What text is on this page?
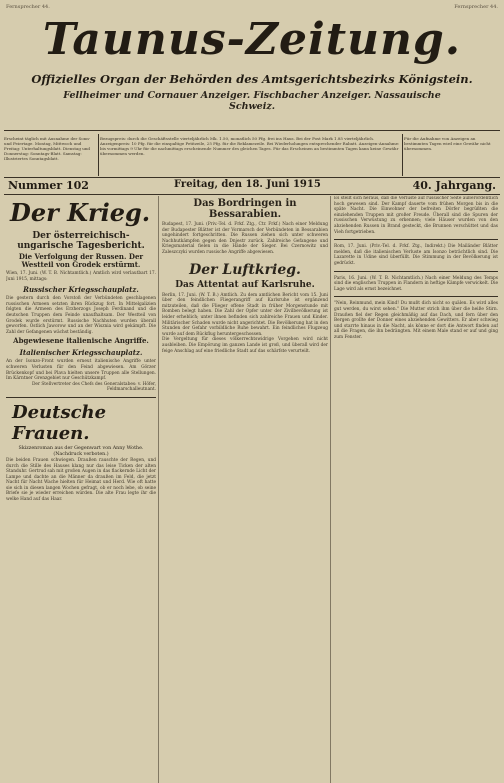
Fernsprecher 44.	Fernsprecher 44.
Taunus-Zeitung.
Offizielles Organ der Behörden des Amtsgerichtsbezirks Königstein.
Fellheimer und Cornauer Anzeiger. Fischbacher Anzeiger. Nassauische Schweiz.
Erscheint täglich mit Ausnahme der Sonn- und Feiertage. Montag, Mittwoch und Freitag: Unterhaltungsblatt. Dienstag und Donnerstag: Sonntags-Blatt. Samstag: Illustriertes Sonntagsblatt.
Bezugspreis: durch die Geschäftsstelle vierteljährlich Mk. 1.50, monatlich 50 Pfg. frei ins Haus. Bei der Post Mark 1.85 vierteljährlich. Anzeigenpreis: 10 Pfg. für die einspaltige Petitzeile, 25 Pfg. für die Reklamezeile. Bei Wiederholungen entsprechender Rabatt. Anzeigen-Annahme: bis vormittags 9 Uhr für die nachmittags erscheinende Nummer des gleichen Tages. Für das Erscheinen an bestimmten Tagen kann keine Gewähr übernommen werden.
Für die Aufnahme von Anzeigen an bestimmten Tagen wird eine Gewähr nicht übernommen.
Nummer 102	Freitag, den 18. Juni 1915	40. Jahrgang.
Der Krieg.
Der österreichisch-ungarische Tagesbericht.
Die Verfolgung der Russen. Der Westteil von Grodek erstürmt.

Wien, 17. Juni. (W. T. B. Nichtamtlich.) Amtlich wird verlautbart 17. Juni 1915, mittags:

Russischer Kriegsschauplatz.

Die gestern durch den Vorstoß der Verbündeten geschlagenen russischen Armeen setzten ihren Rückzug fort. In Mittelgalizien folgten die Armeen des Erzherzogs Joseph Ferdinand und die deutschen Truppen dem Feinde unaufhaltsam. Der Westteil von Grodek wurde erstürmt. Russische Nachhuten wurden überall geworfen. Östlich Jaworow und an der Wisznia wird gekämpft. Die Zahl der Gefangenen wächst beständig.

Abgewiesene italienische Angriffe.
Italienischer Kriegsschauplatz.

An der Isonzo-Front wurden erneut italienische Angriffe unter schweren Verlusten für den Feind abgewiesen. Am Görzer Brückenkopf und bei Plava hielten unsere Truppen alle Stellungen. Im Kärntner Grenzgebiet nur Geschützkampf.

Der Stellvertreter des Chefs des Generalstabes: v. Höfer, Feldmarschalleutnant.

Deutsche Frauen.
Skizzenroman aus der Gegenwart von Anny Wothe.
(Nachdruck verboten.)

Die beiden Frauen schwiegen. Draußen rauschte der Regen, und durch die Stille des Hauses klang nur das leise Ticken der alten Standuhr. Gertrud sah mit großen Augen in das flackernde Licht der Lampe und dachte an die Männer da draußen im Feld, die jetzt Nacht für Nacht Wache hielten für Heimat und Herd. Wie oft hatte sie sich in diesen langen Wochen gefragt, ob er noch lebe, ob seine Briefe sie je wieder erreichen würden. Die alte Frau legte ihr die welke Hand auf das Haar.

Das Bordringen in Bessarabien.

Budapest, 17. Juni. (Priv.-Tel. d. Frkf. Ztg., Ctr. Frkf.) Nach einer Meldung der Budapester Blätter ist der Vormarsch der Verbündeten in Bessarabien ungehindert fortgeschritten. Die Russen ziehen sich unter schweren Nachhutkämpfen gegen den Dnjestr zurück. Zahlreiche Gefangene und Kriegsmaterial fielen in die Hände der Sieger. Bei Czernowitz und Zaleszczyki wurden russische Angriffe abgewiesen.

Der Luftkrieg.
Das Attentat auf Karlsruhe.

Berlin, 17. Juni. (W. T. B.) Amtlich. Zu dem amtlichen Bericht vom 15. Juni über den feindlichen Fliegerangriff auf Karlsruhe ist ergänzend mitzuteilen, daß die Flieger offene Stadt in früher Morgenstunde mit Bomben belegt haben. Die Zahl der Opfer unter der Zivilbevölkerung ist leider erheblich; unter ihnen befinden sich zahlreiche Frauen und Kinder. Militärischer Schaden wurde nicht angerichtet. Die Bevölkerung hat in den Stunden der Gefahr vorbildliche Ruhe bewahrt. Ein feindliches Flugzeug wurde auf dem Rückflug heruntergeschossen.

Die Vergeltung für dieses völkerrechtswidrige Vorgehen wird nicht ausbleiben. Die Empörung im ganzen Lande ist groß, und überall wird der feige Anschlag auf eine friedliche Stadt auf das schärfste verurteilt.

Es stellt sich heraus, daß die Verluste auf russischer Seite außerordentlich hoch gewesen sind. Der Kampf dauerte vom frühen Morgen bis in die späte Nacht. Die Einwohner der befreiten Dörfer begrüßten die einziehenden Truppen mit großer Freude. Überall sind die Spuren der russischen Verwüstung zu erkennen; viele Häuser wurden von den abziehenden Russen in Brand gesteckt, die Brunnen verschüttet und das Vieh fortgetrieben.

Rom, 17. Juni. (Priv.-Tel. d. Frkf. Ztg., Indirekt.) Die Mailänder Blätter melden, daß die italienischen Verluste am Isonzo beträchtlich sind. Die Lazarette in Udine sind überfüllt. Die Stimmung in der Bevölkerung ist gedrückt.

Paris, 16. Juni. (W. T. B. Nichtamtlich.) Nach einer Meldung des Temps sind die englischen Truppen in Flandern in heftige Kämpfe verwickelt. Die Lage wird als ernst bezeichnet.

"Nein, Reinmund, mein Kind! Du mußt dich nicht so quälen. Es wird alles gut werden, du wirst sehen." Die Mutter strich ihm über die heiße Stirn. Draußen fiel der Regen gleichmäßig auf das Dach, und fern über den Bergen grollte der Donner eines abziehenden Gewitters. Er aber schwieg und starrte hinaus in die Nacht, als könne er dort die Antwort finden auf all die Fragen, die ihn bedrängten. Mit einem Male stand er auf und ging zum Fenster.
